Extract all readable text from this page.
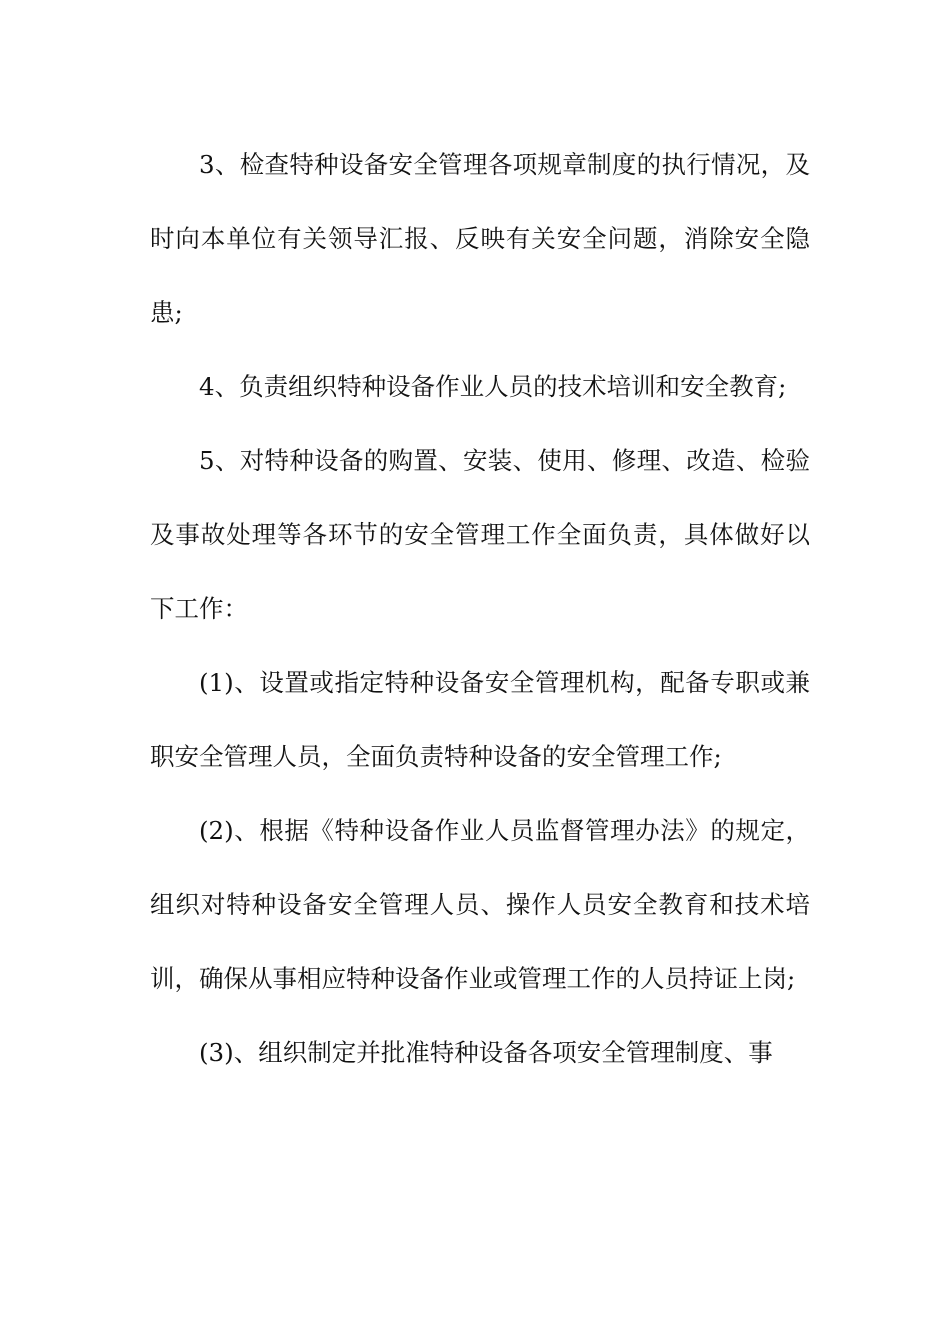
3、检查特种设备安全管理各项规章制度的执行情况，及时向本单位有关领导汇报、反映有关安全问题，消除安全隐患;

4、负责组织特种设备作业人员的技术培训和安全教育;

5、对特种设备的购置、安装、使用、修理、改造、检验及事故处理等各环节的安全管理工作全面负责，具体做好以下工作：

(1)、设置或指定特种设备安全管理机构，配备专职或兼职安全管理人员，全面负责特种设备的安全管理工作;

(2)、根据《特种设备作业人员监督管理办法》的规定，组织对特种设备安全管理人员、操作人员安全教育和技术培训，确保从事相应特种设备作业或管理工作的人员持证上岗;

(3)、组织制定并批准特种设备各项安全管理制度、事
